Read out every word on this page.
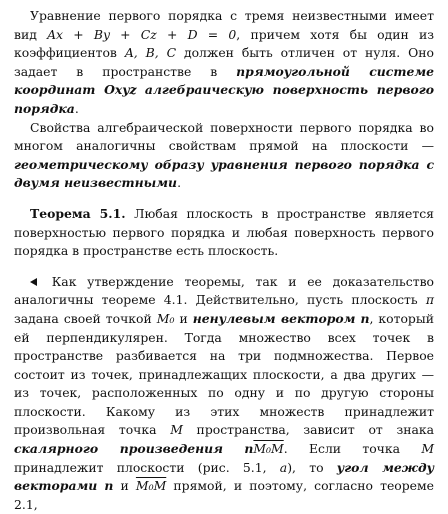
Уравнение первого порядка с тремя неизвестными имеет вид Ax + By + Cz + D = 0, причем хотя бы один из коэффициентов A, B, C должен быть отличен от нуля. Оно задает в пространстве в прямоугольной системе координат Oxyz алгебраическую поверхность первого порядка.

Свойства алгебраической поверхности первого порядка во многом аналогичны свойствам прямой на плоскости — геометрическому образу уравнения первого порядка с двумя неизвестными.

Теорема 5.1. Любая плоскость в пространстве является поверхностью первого порядка и любая поверхность первого порядка в пространстве есть плоскость.

Как утверждение теоремы, так и ее доказательство аналогичны теореме 4.1. Действительно, пусть плоскость π задана своей точкой M₀ и ненулевым вектором n, который ей перпендикулярен. Тогда множество всех точек в пространстве разбивается на три подмножества. Первое состоит из точек, принадлежащих плоскости, а два других — из точек, расположенных по одну и по другую стороны плоскости. Какому из этих множеств принадлежит произвольная точка M пространства, зависит от знака скалярного произведения nM₀M. Если точка M принадлежит плоскости (рис. 5.1, а), то угол между векторами n и M₀M прямой, и поэтому, согласно теореме 2.1,
